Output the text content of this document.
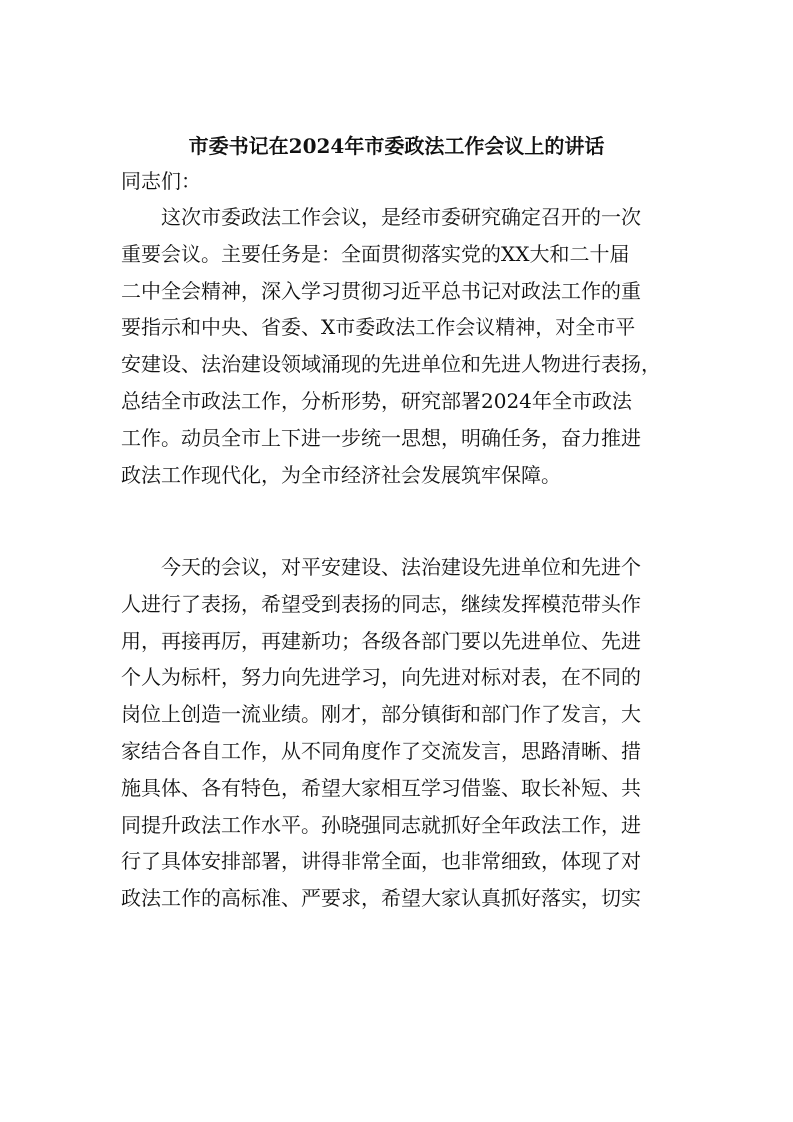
市委书记在2024年市委政法工作会议上的讲话
同志们：
这次市委政法工作会议，是经市委研究确定召开的一次
重要会议。主要任务是：全面贯彻落实党的XX大和二十届
二中全会精神，深入学习贯彻习近平总书记对政法工作的重
要指示和中央、省委、X市委政法工作会议精神，对全市平
安建设、法治建设领域涌现的先进单位和先进人物进行表扬，
总结全市政法工作，分析形势，研究部署2024年全市政法
工作。动员全市上下进一步统一思想，明确任务，奋力推进
政法工作现代化，为全市经济社会发展筑牢保障。
今天的会议，对平安建设、法治建设先进单位和先进个
人进行了表扬，希望受到表扬的同志，继续发挥模范带头作
用，再接再厉，再建新功；各级各部门要以先进单位、先进
个人为标杆，努力向先进学习，向先进对标对表，在不同的
岗位上创造一流业绩。刚才，部分镇街和部门作了发言，大
家结合各自工作，从不同角度作了交流发言，思路清晰、措
施具体、各有特色，希望大家相互学习借鉴、取长补短、共
同提升政法工作水平。孙晓强同志就抓好全年政法工作，进
行了具体安排部署，讲得非常全面，也非常细致，体现了对
政法工作的高标准、严要求，希望大家认真抓好落实，切实
